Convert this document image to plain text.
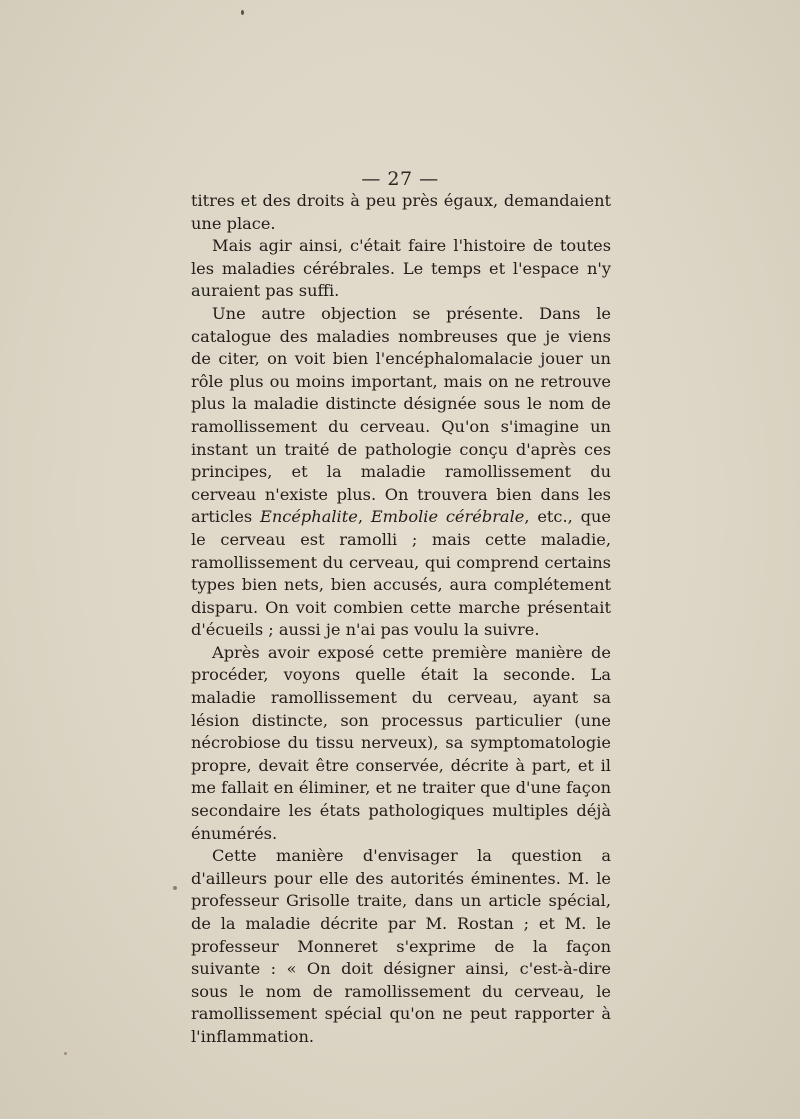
— 27 —

titres et des droits à peu près égaux, demandaient une place.

Mais agir ainsi, c'était faire l'histoire de toutes les maladies cérébrales. Le temps et l'espace n'y auraient pas suffi.

Une autre objection se présente. Dans le catalogue des maladies nombreuses que je viens de citer, on voit bien l'encéphalomalacie jouer un rôle plus ou moins important, mais on ne retrouve plus la maladie distincte désignée sous le nom de ramollissement du cerveau. Qu'on s'imagine un instant un traité de pathologie conçu d'après ces principes, et la maladie ramollissement du cerveau n'existe plus. On trouvera bien dans les articles Encéphalite, Embolie cérébrale, etc., que le cerveau est ramolli ; mais cette maladie, ramollissement du cerveau, qui comprend certains types bien nets, bien accusés, aura complétement disparu. On voit combien cette marche présentait d'écueils ; aussi je n'ai pas voulu la suivre.

Après avoir exposé cette première manière de procéder, voyons quelle était la seconde. La maladie ramollissement du cerveau, ayant sa lésion distincte, son processus particulier (une nécrobiose du tissu nerveux), sa symptomatologie propre, devait être conservée, décrite à part, et il me fallait en éliminer, et ne traiter que d'une façon secondaire les états pathologiques multiples déjà énumérés.

Cette manière d'envisager la question a d'ailleurs pour elle des autorités éminentes. M. le professeur Grisolle traite, dans un article spécial, de la maladie décrite par M. Rostan ; et M. le professeur Monneret s'exprime de la façon suivante : « On doit désigner ainsi, c'est-à-dire sous le nom de ramollissement du cerveau, le ramollissement spécial qu'on ne peut rapporter à l'inflammation.
